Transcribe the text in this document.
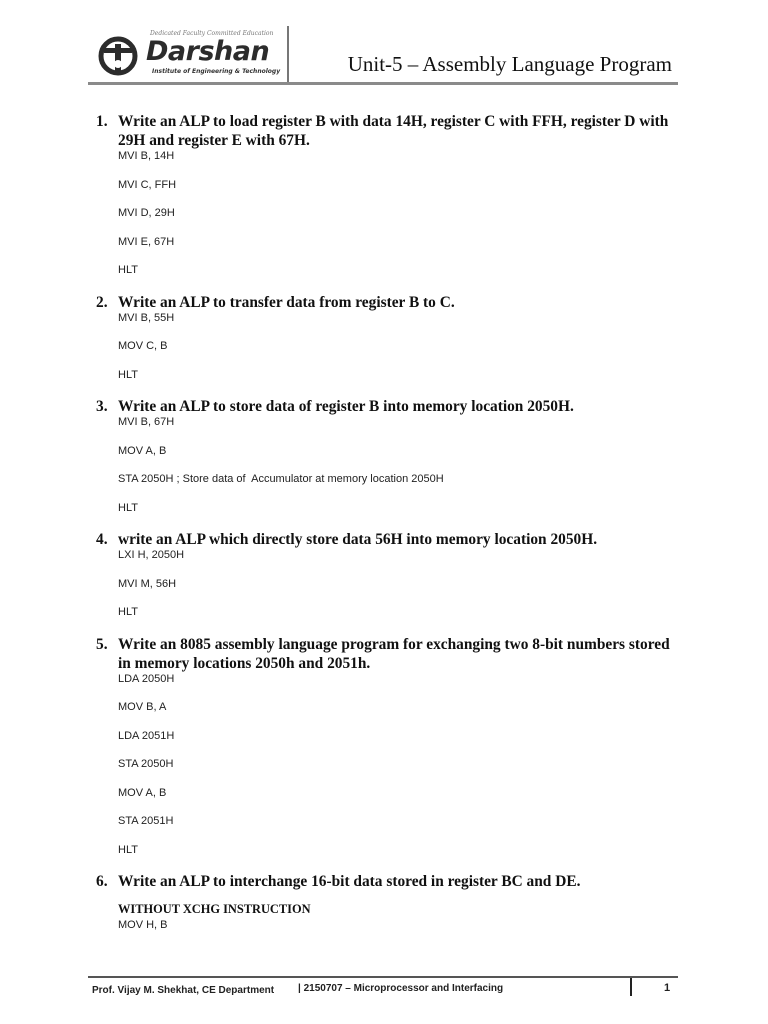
Dedicated Faculty Committed Education
Darshan
Institute of Engineering & Technology	Unit-5 – Assembly Language Program
1. Write an ALP to load register B with data 14H, register C with FFH, register D with 29H and register E with 67H.
MVI B, 14H
MVI C, FFH
MVI D, 29H
MVI E, 67H
HLT
2. Write an ALP to transfer data from register B to C.
MVI B, 55H
MOV C, B
HLT
3. Write an ALP to store data of register B into memory location 2050H.
MVI B, 67H
MOV A, B
STA 2050H ; Store data of  Accumulator at memory location 2050H
HLT
4. write an ALP which directly store data 56H into memory location 2050H.
LXI H, 2050H
MVI M, 56H
HLT
5. Write an 8085 assembly language program for exchanging two 8-bit numbers stored in memory locations 2050h and 2051h.
LDA 2050H
MOV B, A
LDA 2051H
STA 2050H
MOV A, B
STA 2051H
HLT
6. Write an ALP to interchange 16-bit data stored in register BC and DE.
WITHOUT XCHG INSTRUCTION
MOV H, B
Prof. Vijay M. Shekhat, CE Department | 2150707 – Microprocessor and Interfacing	1
